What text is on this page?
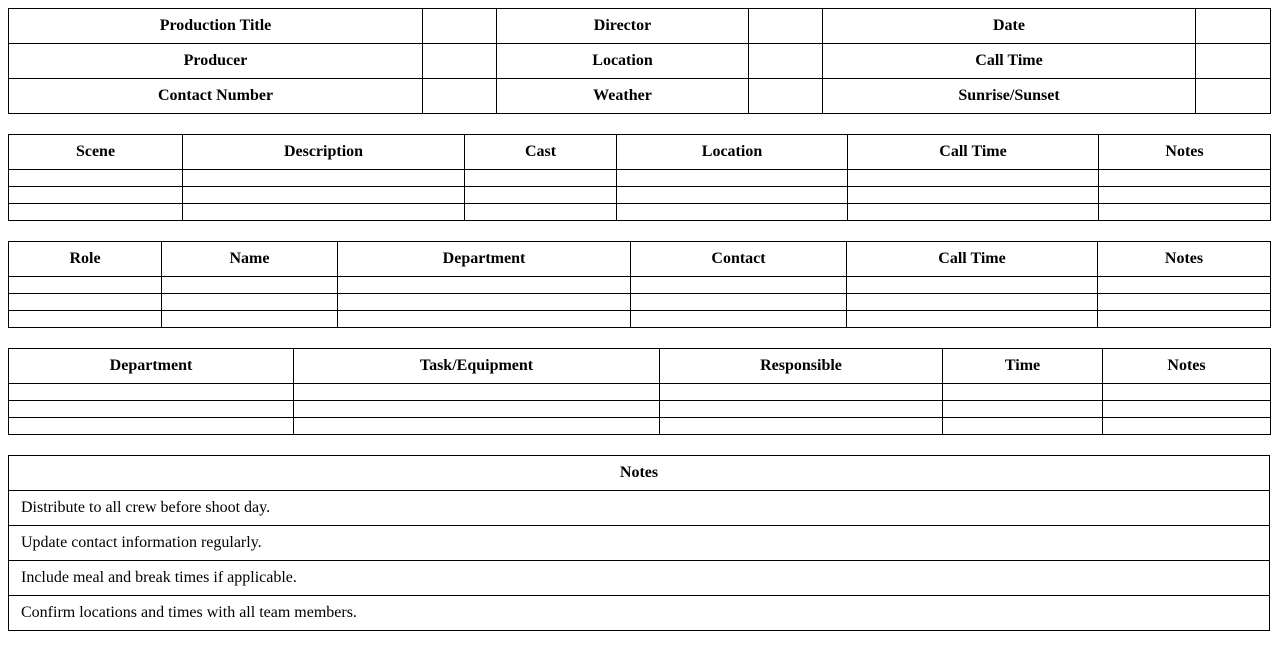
Production Title		Director		Date	
Producer		Location		Call Time	
Contact Number		Weather		Sunrise/Sunset	
Scene	Description	Cast	Location	Call Time	Notes

Role	Name	Department	Contact	Call Time	Notes

Department	Task/Equipment	Responsible	Time	Notes

Notes
Distribute to all crew before shoot day.
Update contact information regularly.
Include meal and break times if applicable.
Confirm locations and times with all team members.
